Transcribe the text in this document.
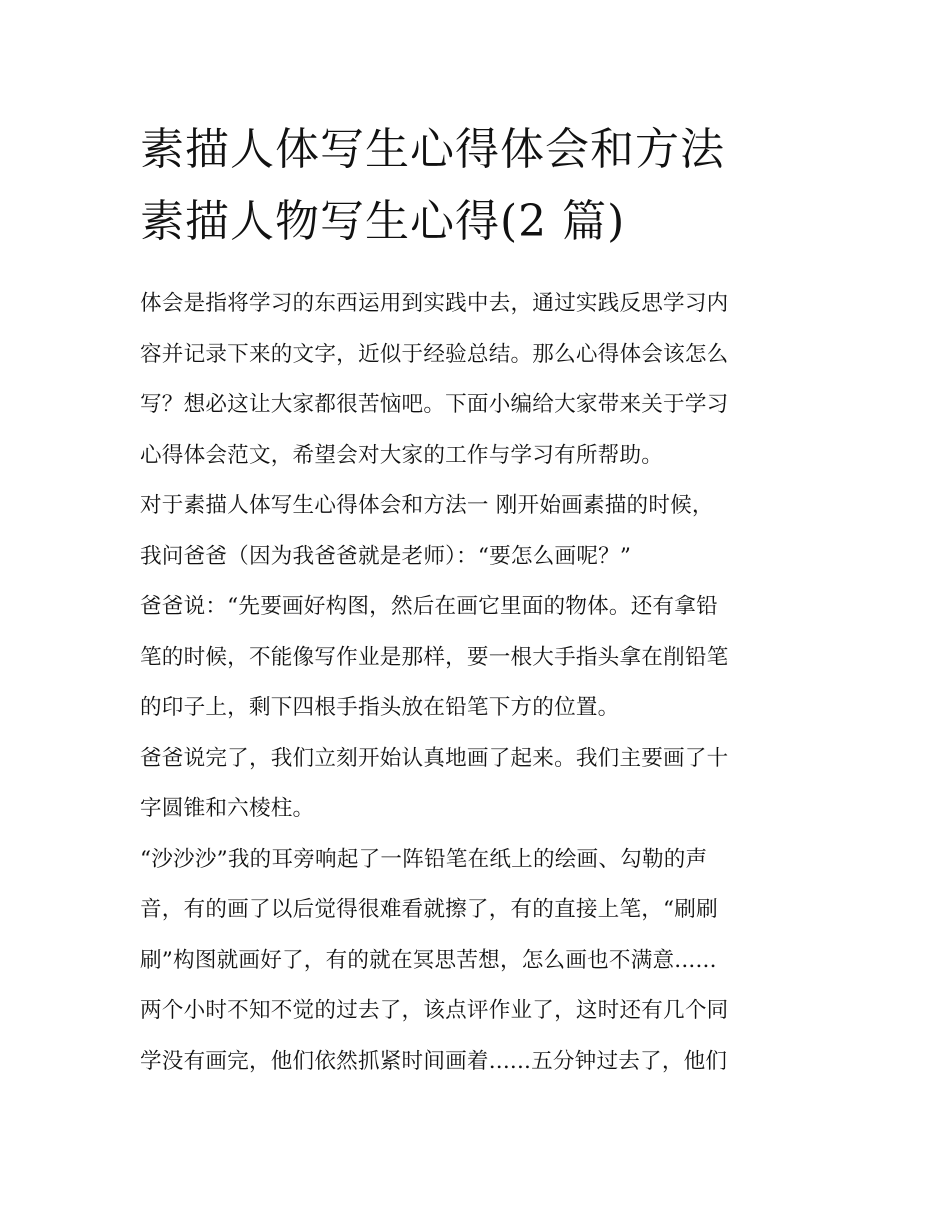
素描人体写生心得体会和方法
素描人物写生心得(2 篇)

体会是指将学习的东西运用到实践中去，通过实践反思学习内
容并记录下来的文字，近似于经验总结。那么心得体会该怎么
写？想必这让大家都很苦恼吧。下面小编给大家带来关于学习
心得体会范文，希望会对大家的工作与学习有所帮助。

对于素描人体写生心得体会和方法一 刚开始画素描的时候，

我问爸爸（因为我爸爸就是老师）：“要怎么画呢？”

爸爸说：“先要画好构图，然后在画它里面的物体。还有拿铅
笔的时候，不能像写作业是那样，要一根大手指头拿在削铅笔
的印子上，剩下四根手指头放在铅笔下方的位置。

爸爸说完了，我们立刻开始认真地画了起来。我们主要画了十
字圆锥和六棱柱。

“沙沙沙”我的耳旁响起了一阵铅笔在纸上的绘画、勾勒的声
音，有的画了以后觉得很难看就擦了，有的直接上笔，“刷刷
刷”构图就画好了，有的就在冥思苦想，怎么画也不满意......

两个小时不知不觉的过去了，该点评作业了，这时还有几个同
学没有画完，他们依然抓紧时间画着......五分钟过去了，他们
